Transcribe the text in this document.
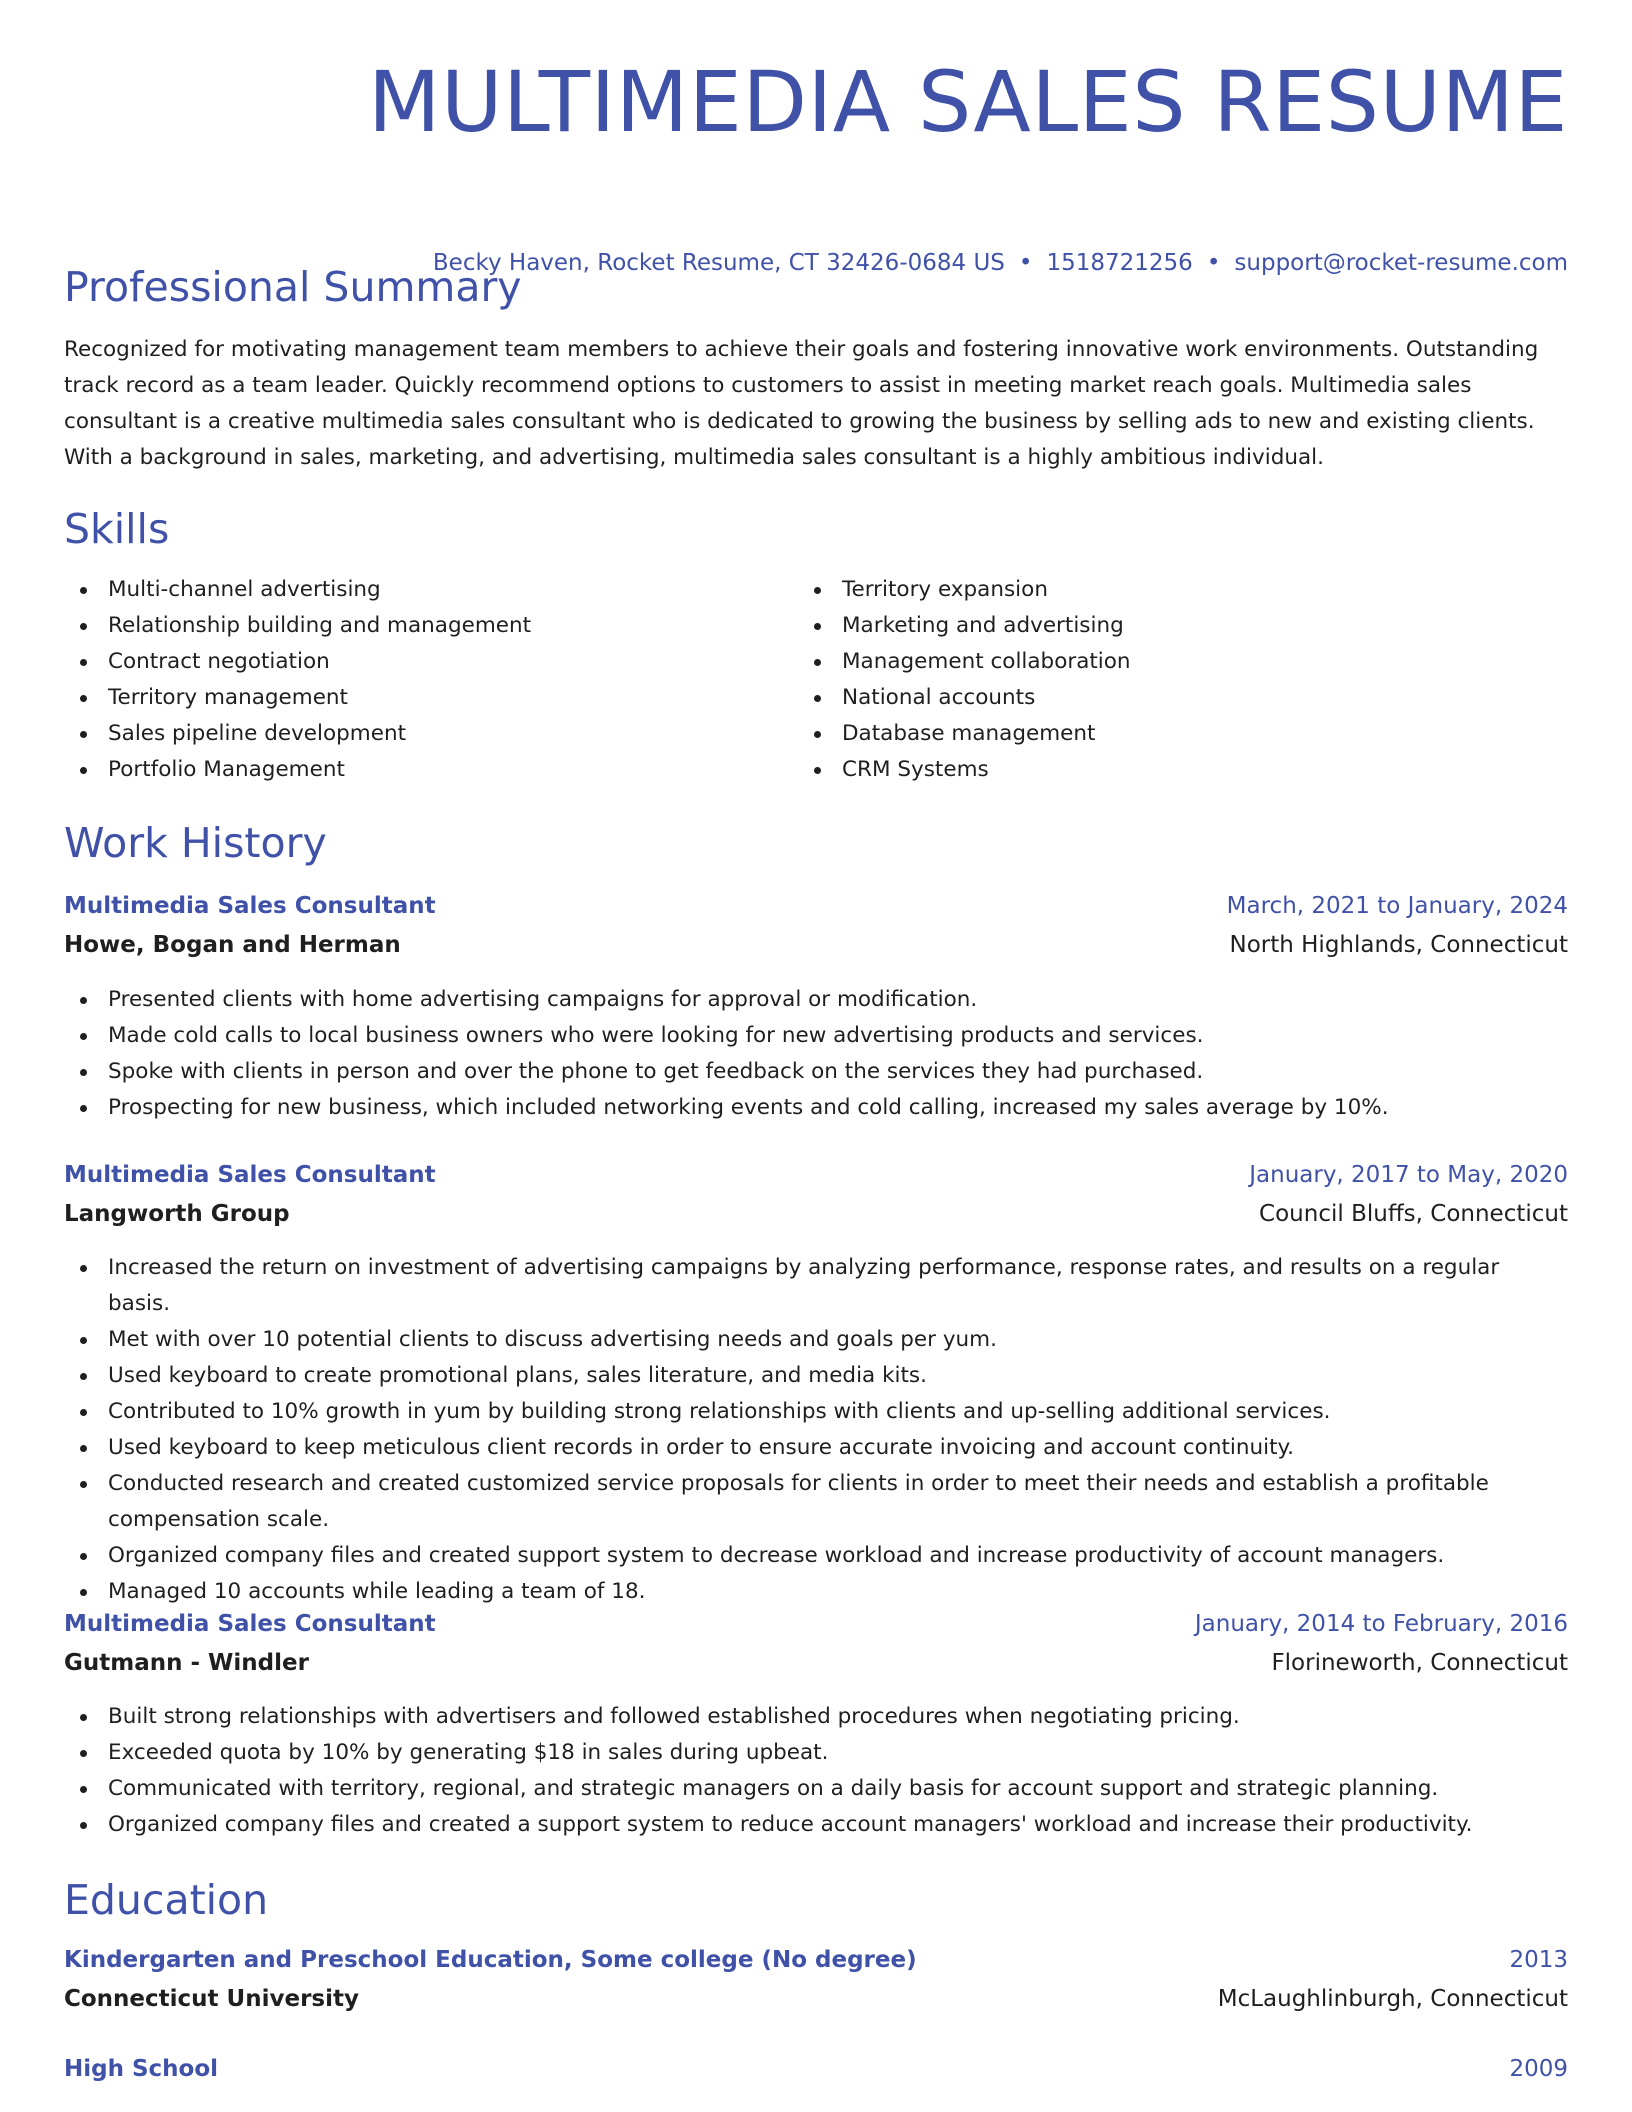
MULTIMEDIA SALES RESUME
Becky Haven, Rocket Resume, CT 32426-0684 US • 1518721256 • support@rocket-resume.com
Professional Summary

Recognized for motivating management team members to achieve their goals and fostering innovative work environments. Outstanding track record as a team leader. Quickly recommend options to customers to assist in meeting market reach goals. Multimedia sales consultant is a creative multimedia sales consultant who is dedicated to growing the business by selling ads to new and existing clients. With a background in sales, marketing, and advertising, multimedia sales consultant is a highly ambitious individual.

Skills
Multi-channel advertising
Relationship building and management
Contract negotiation
Territory management
Sales pipeline development
Portfolio Management
Territory expansion
Marketing and advertising
Management collaboration
National accounts
Database management
CRM Systems
Work History
Multimedia Sales Consultant	March, 2021 to January, 2024
Howe, Bogan and Herman	North Highlands, Connecticut
Presented clients with home advertising campaigns for approval or modification.
Made cold calls to local business owners who were looking for new advertising products and services.
Spoke with clients in person and over the phone to get feedback on the services they had purchased.
Prospecting for new business, which included networking events and cold calling, increased my sales average by 10%.
Multimedia Sales Consultant	January, 2017 to May, 2020
Langworth Group	Council Bluffs, Connecticut
Increased the return on investment of advertising campaigns by analyzing performance, response rates, and results on a regular basis.
Met with over 10 potential clients to discuss advertising needs and goals per yum.
Used keyboard to create promotional plans, sales literature, and media kits.
Contributed to 10% growth in yum by building strong relationships with clients and up-selling additional services.
Used keyboard to keep meticulous client records in order to ensure accurate invoicing and account continuity.
Conducted research and created customized service proposals for clients in order to meet their needs and establish a profitable compensation scale.
Organized company files and created support system to decrease workload and increase productivity of account managers.
Managed 10 accounts while leading a team of 18.
Multimedia Sales Consultant	January, 2014 to February, 2016
Gutmann - Windler	Florineworth, Connecticut
Built strong relationships with advertisers and followed established procedures when negotiating pricing.
Exceeded quota by 10% by generating $18 in sales during upbeat.
Communicated with territory, regional, and strategic managers on a daily basis for account support and strategic planning.
Organized company files and created a support system to reduce account managers' workload and increase their productivity.
Education
Kindergarten and Preschool Education, Some college (No degree)	2013
Connecticut University	McLaughlinburgh, Connecticut
High School	2009
